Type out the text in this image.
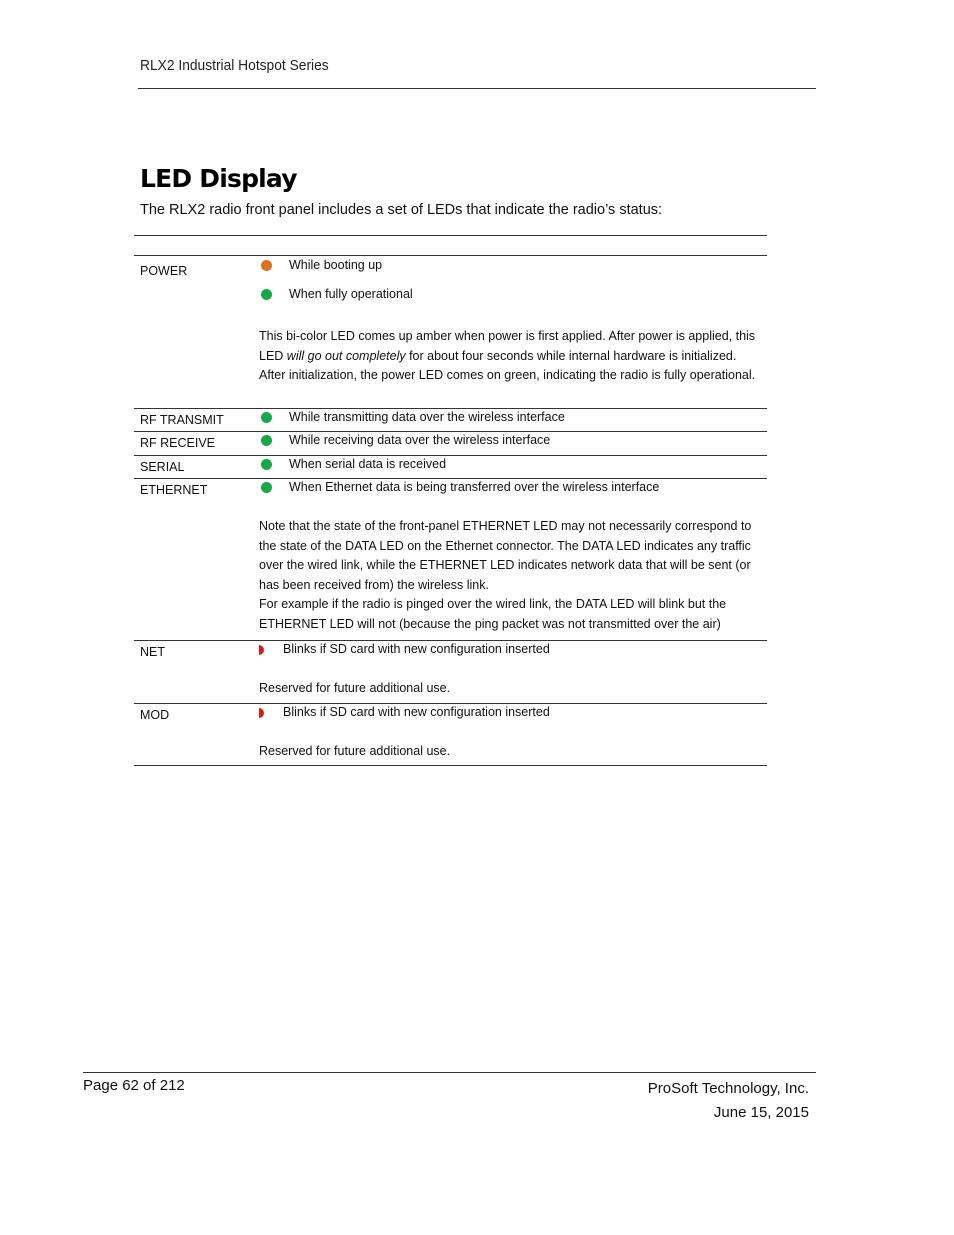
RLX2 Industrial Hotspot Series
LED Display

The RLX2 radio front panel includes a set of LEDs that indicate the radio’s status:

POWER	While booting up
When fully operational
This bi-color LED comes up amber when power is first applied. After power is applied, this LED will go out completely for about four seconds while internal hardware is initialized. After initialization, the power LED comes on green, indicating the radio is fully operational.
RF TRANSMIT	While transmitting data over the wireless interface
RF RECEIVE	While receiving data over the wireless interface
SERIAL	When serial data is received
ETHERNET	When Ethernet data is being transferred over the wireless interface

Note that the state of the front-panel ETHERNET LED may not necessarily correspond to the state of the DATA LED on the Ethernet connector. The DATA LED indicates any traffic over the wired link, while the ETHERNET LED indicates network data that will be sent (or has been received from) the wireless link.

For example if the radio is pinged over the wired link, the DATA LED will blink but the ETHERNET LED will not (because the ping packet was not transmitted over the air)

NET	Blinks if SD card with new configuration inserted

Reserved for future additional use.

MOD	Blinks if SD card with new configuration inserted

Reserved for future additional use.

Page 62 of 212	ProSoft Technology, Inc.
June 15, 2015
